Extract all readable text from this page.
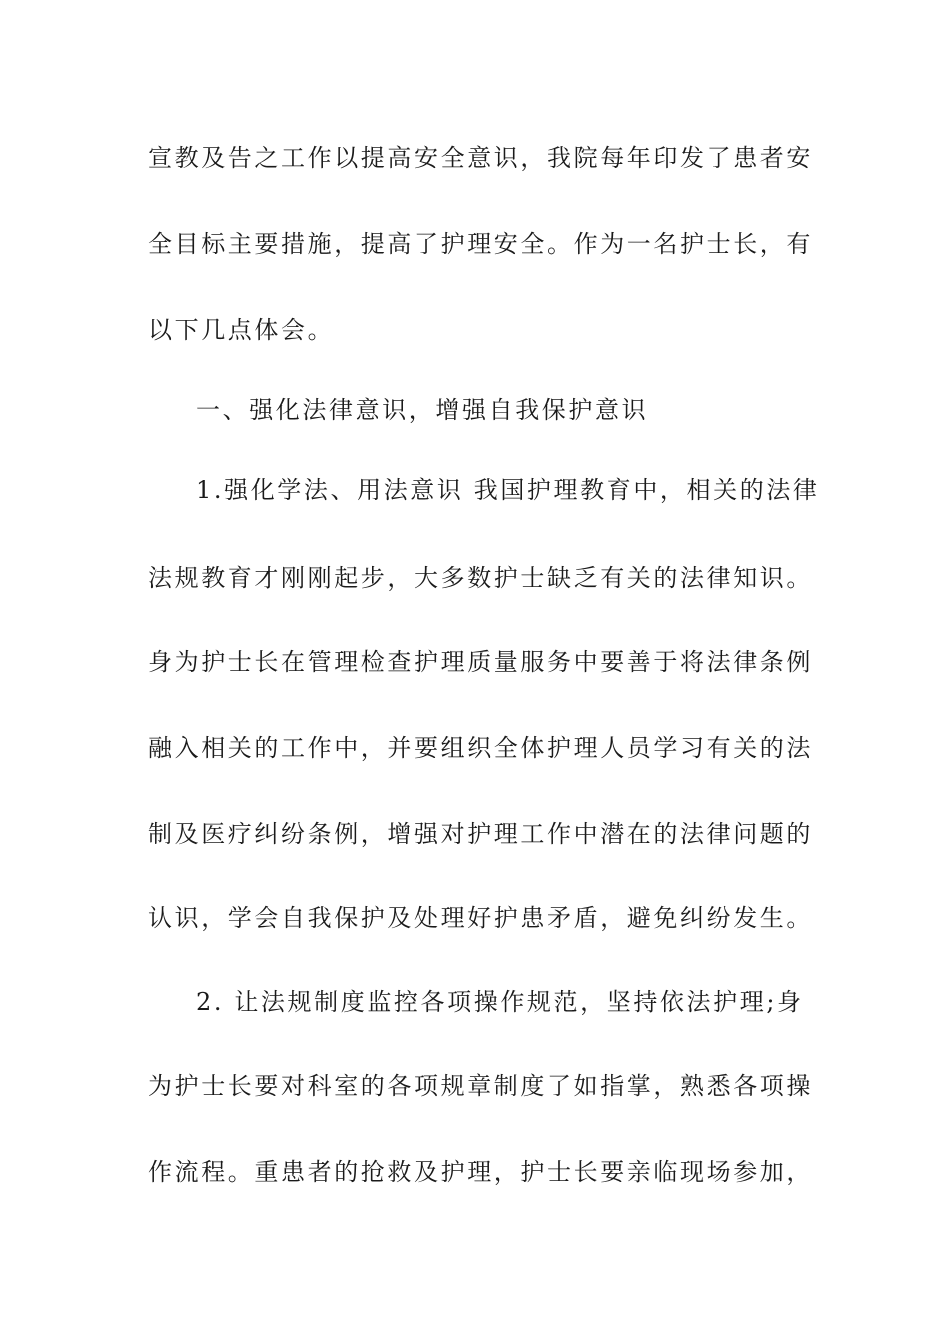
宣教及告之工作以提高安全意识，我院每年印发了患者安
全目标主要措施，提高了护理安全。作为一名护士长，有
以下几点体会。
一、强化法律意识，增强自我保护意识
1.强化学法、用法意识 我国护理教育中，相关的法律
法规教育才刚刚起步，大多数护士缺乏有关的法律知识。
身为护士长在管理检查护理质量服务中要善于将法律条例
融入相关的工作中，并要组织全体护理人员学习有关的法
制及医疗纠纷条例，增强对护理工作中潜在的法律问题的
认识，学会自我保护及处理好护患矛盾，避免纠纷发生。
2. 让法规制度监控各项操作规范，坚持依法护理;身
为护士长要对科室的各项规章制度了如指掌，熟悉各项操
作流程。重患者的抢救及护理，护士长要亲临现场参加，
